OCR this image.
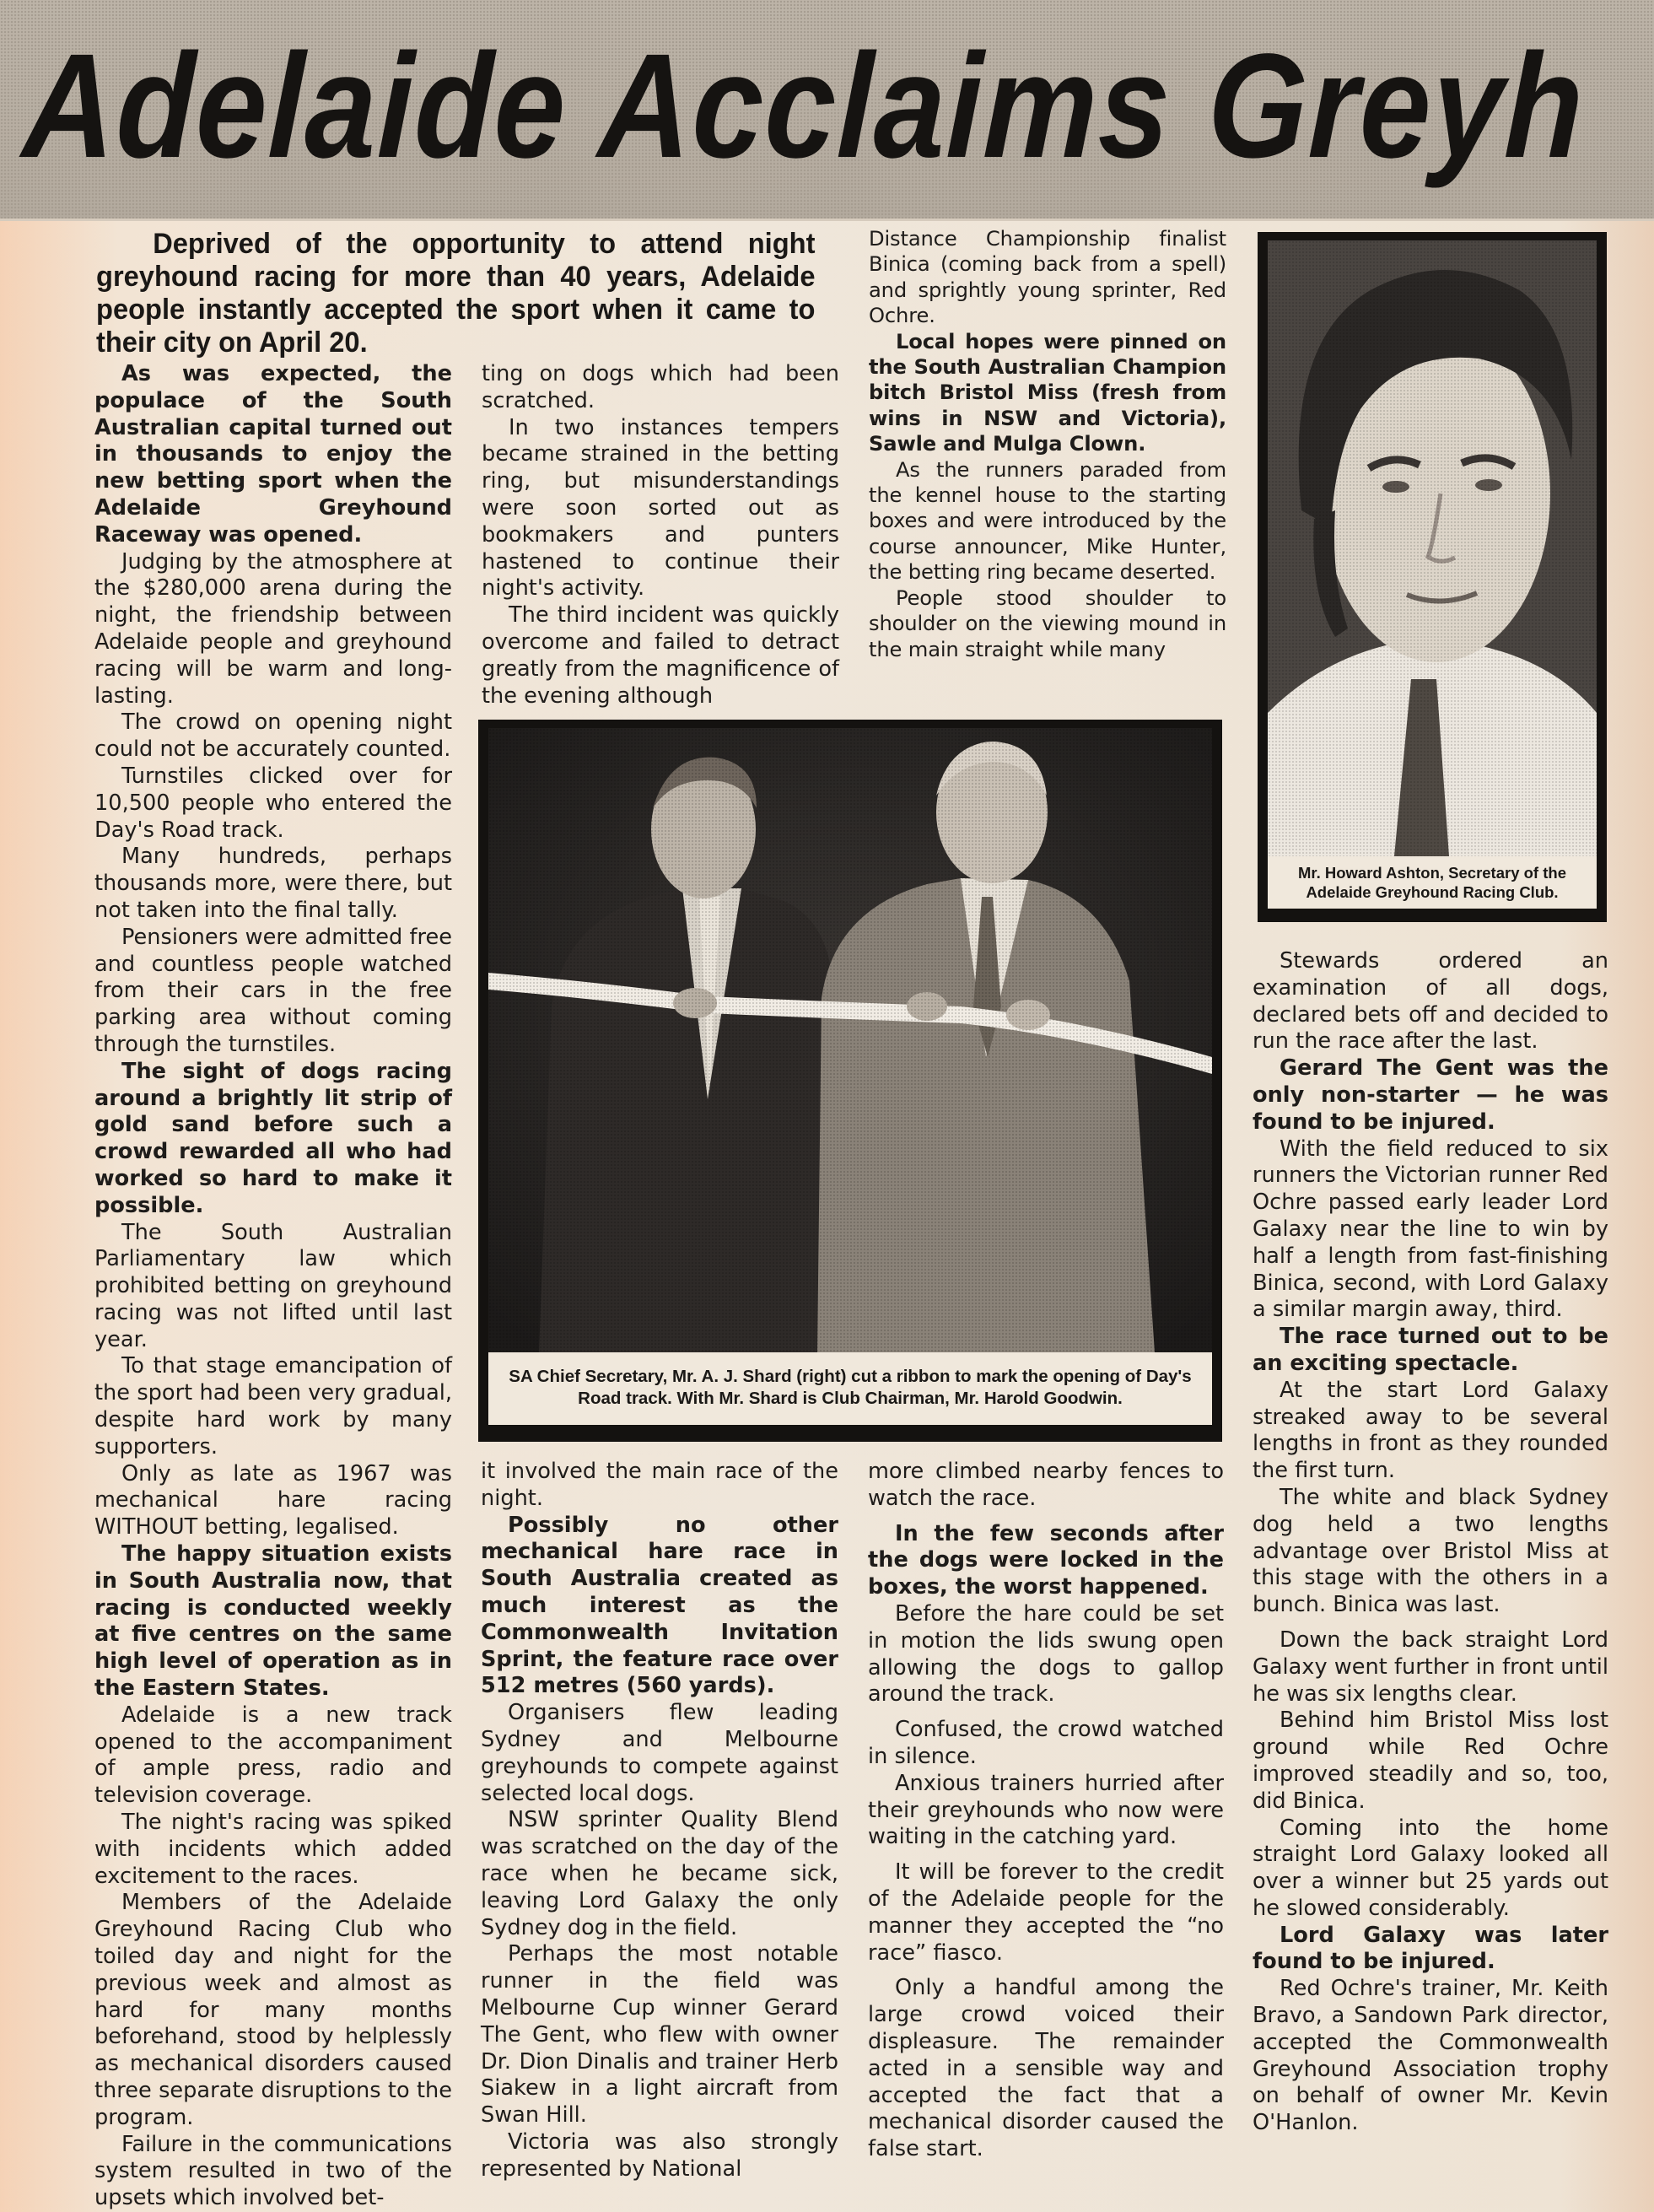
Adelaide Acclaims Greyh
Deprived of the opportunity to attend night greyhound racing for more than 40 years, Adelaide people instantly accepted the sport when it came to their city on April 20.

As was expected, the populace of the South Australian capital turned out in thousands to enjoy the new betting sport when the Adelaide Greyhound Raceway was opened.

Judging by the atmosphere at the $280,000 arena during the night, the friendship between Adelaide people and greyhound racing will be warm and long-lasting.

The crowd on opening night could not be accurately counted.

Turnstiles clicked over for 10,500 people who entered the Day's Road track.

Many hundreds, perhaps thousands more, were there, but not taken into the final tally.

Pensioners were admitted free and countless people watched from their cars in the free parking area without coming through the turnstiles.

The sight of dogs racing around a brightly lit strip of gold sand before such a crowd rewarded all who had worked so hard to make it possible.

The South Australian Parliamentary law which prohibited betting on greyhound racing was not lifted until last year.

To that stage emancipation of the sport had been very gradual, despite hard work by many supporters.

Only as late as 1967 was mechanical hare racing WITHOUT betting, legalised.

The happy situation exists in South Australia now, that racing is conducted weekly at five centres on the same high level of operation as in the Eastern States.

Adelaide is a new track opened to the accompaniment of ample press, radio and television coverage.

The night's racing was spiked with incidents which added excitement to the races.

Members of the Adelaide Greyhound Racing Club who toiled day and night for the previous week and almost as hard for many months beforehand, stood by helplessly as mechanical disorders caused three separate disruptions to the program.

Failure in the communications system resulted in two of the upsets which involved bet-

ting on dogs which had been scratched.

In two instances tempers became strained in the betting ring, but misunderstandings were soon sorted out as bookmakers and punters hastened to continue their night's activity.

The third incident was quickly overcome and failed to detract greatly from the magnificence of the evening although

Distance Championship finalist Binica (coming back from a spell) and sprightly young sprinter, Red Ochre.

Local hopes were pinned on the South Australian Champion bitch Bristol Miss (fresh from wins in NSW and Victoria), Sawle and Mulga Clown.

As the runners paraded from the kennel house to the starting boxes and were introduced by the course announcer, Mike Hunter, the betting ring became deserted.

People stood shoulder to shoulder on the viewing mound in the main straight while many

SA Chief Secretary, Mr. A. J. Shard (right) cut a ribbon to mark the opening of Day's Road track. With Mr. Shard is Club Chairman, Mr. Harold Goodwin.

it involved the main race of the night.

Possibly no other mechanical hare race in South Australia created as much interest as the Commonwealth Invitation Sprint, the feature race over 512 metres (560 yards).

Organisers flew leading Sydney and Melbourne greyhounds to compete against selected local dogs.

NSW sprinter Quality Blend was scratched on the day of the race when he became sick, leaving Lord Galaxy the only Sydney dog in the field.

Perhaps the most notable runner in the field was Melbourne Cup winner Gerard The Gent, who flew with owner Dr. Dion Dinalis and trainer Herb Siakew in a light aircraft from Swan Hill.

Victoria was also strongly represented by National

more climbed nearby fences to watch the race.

In the few seconds after the dogs were locked in the boxes, the worst happened.

Before the hare could be set in motion the lids swung open allowing the dogs to gallop around the track.

Confused, the crowd watched in silence.

Anxious trainers hurried after their greyhounds who now were waiting in the catching yard.

It will be forever to the credit of the Adelaide people for the manner they accepted the “no race” fiasco.

Only a handful among the large crowd voiced their displeasure. The remainder acted in a sensible way and accepted the fact that a mechanical disorder caused the false start.

Mr. Howard Ashton, Secretary of the Adelaide Greyhound Racing Club.

Stewards ordered an examination of all dogs, declared bets off and decided to run the race after the last.

Gerard The Gent was the only non-starter — he was found to be injured.

With the field reduced to six runners the Victorian runner Red Ochre passed early leader Lord Galaxy near the line to win by half a length from fast-finishing Binica, second, with Lord Galaxy a similar margin away, third.

The race turned out to be an exciting spectacle.

At the start Lord Galaxy streaked away to be several lengths in front as they rounded the first turn.

The white and black Sydney dog held a two lengths advantage over Bristol Miss at this stage with the others in a bunch. Binica was last.

Down the back straight Lord Galaxy went further in front until he was six lengths clear.

Behind him Bristol Miss lost ground while Red Ochre improved steadily and so, too, did Binica.

Coming into the home straight Lord Galaxy looked all over a winner but 25 yards out he slowed considerably.

Lord Galaxy was later found to be injured.

Red Ochre's trainer, Mr. Keith Bravo, a Sandown Park director, accepted the Commonwealth Greyhound Association trophy on behalf of owner Mr. Kevin O'Hanlon.
